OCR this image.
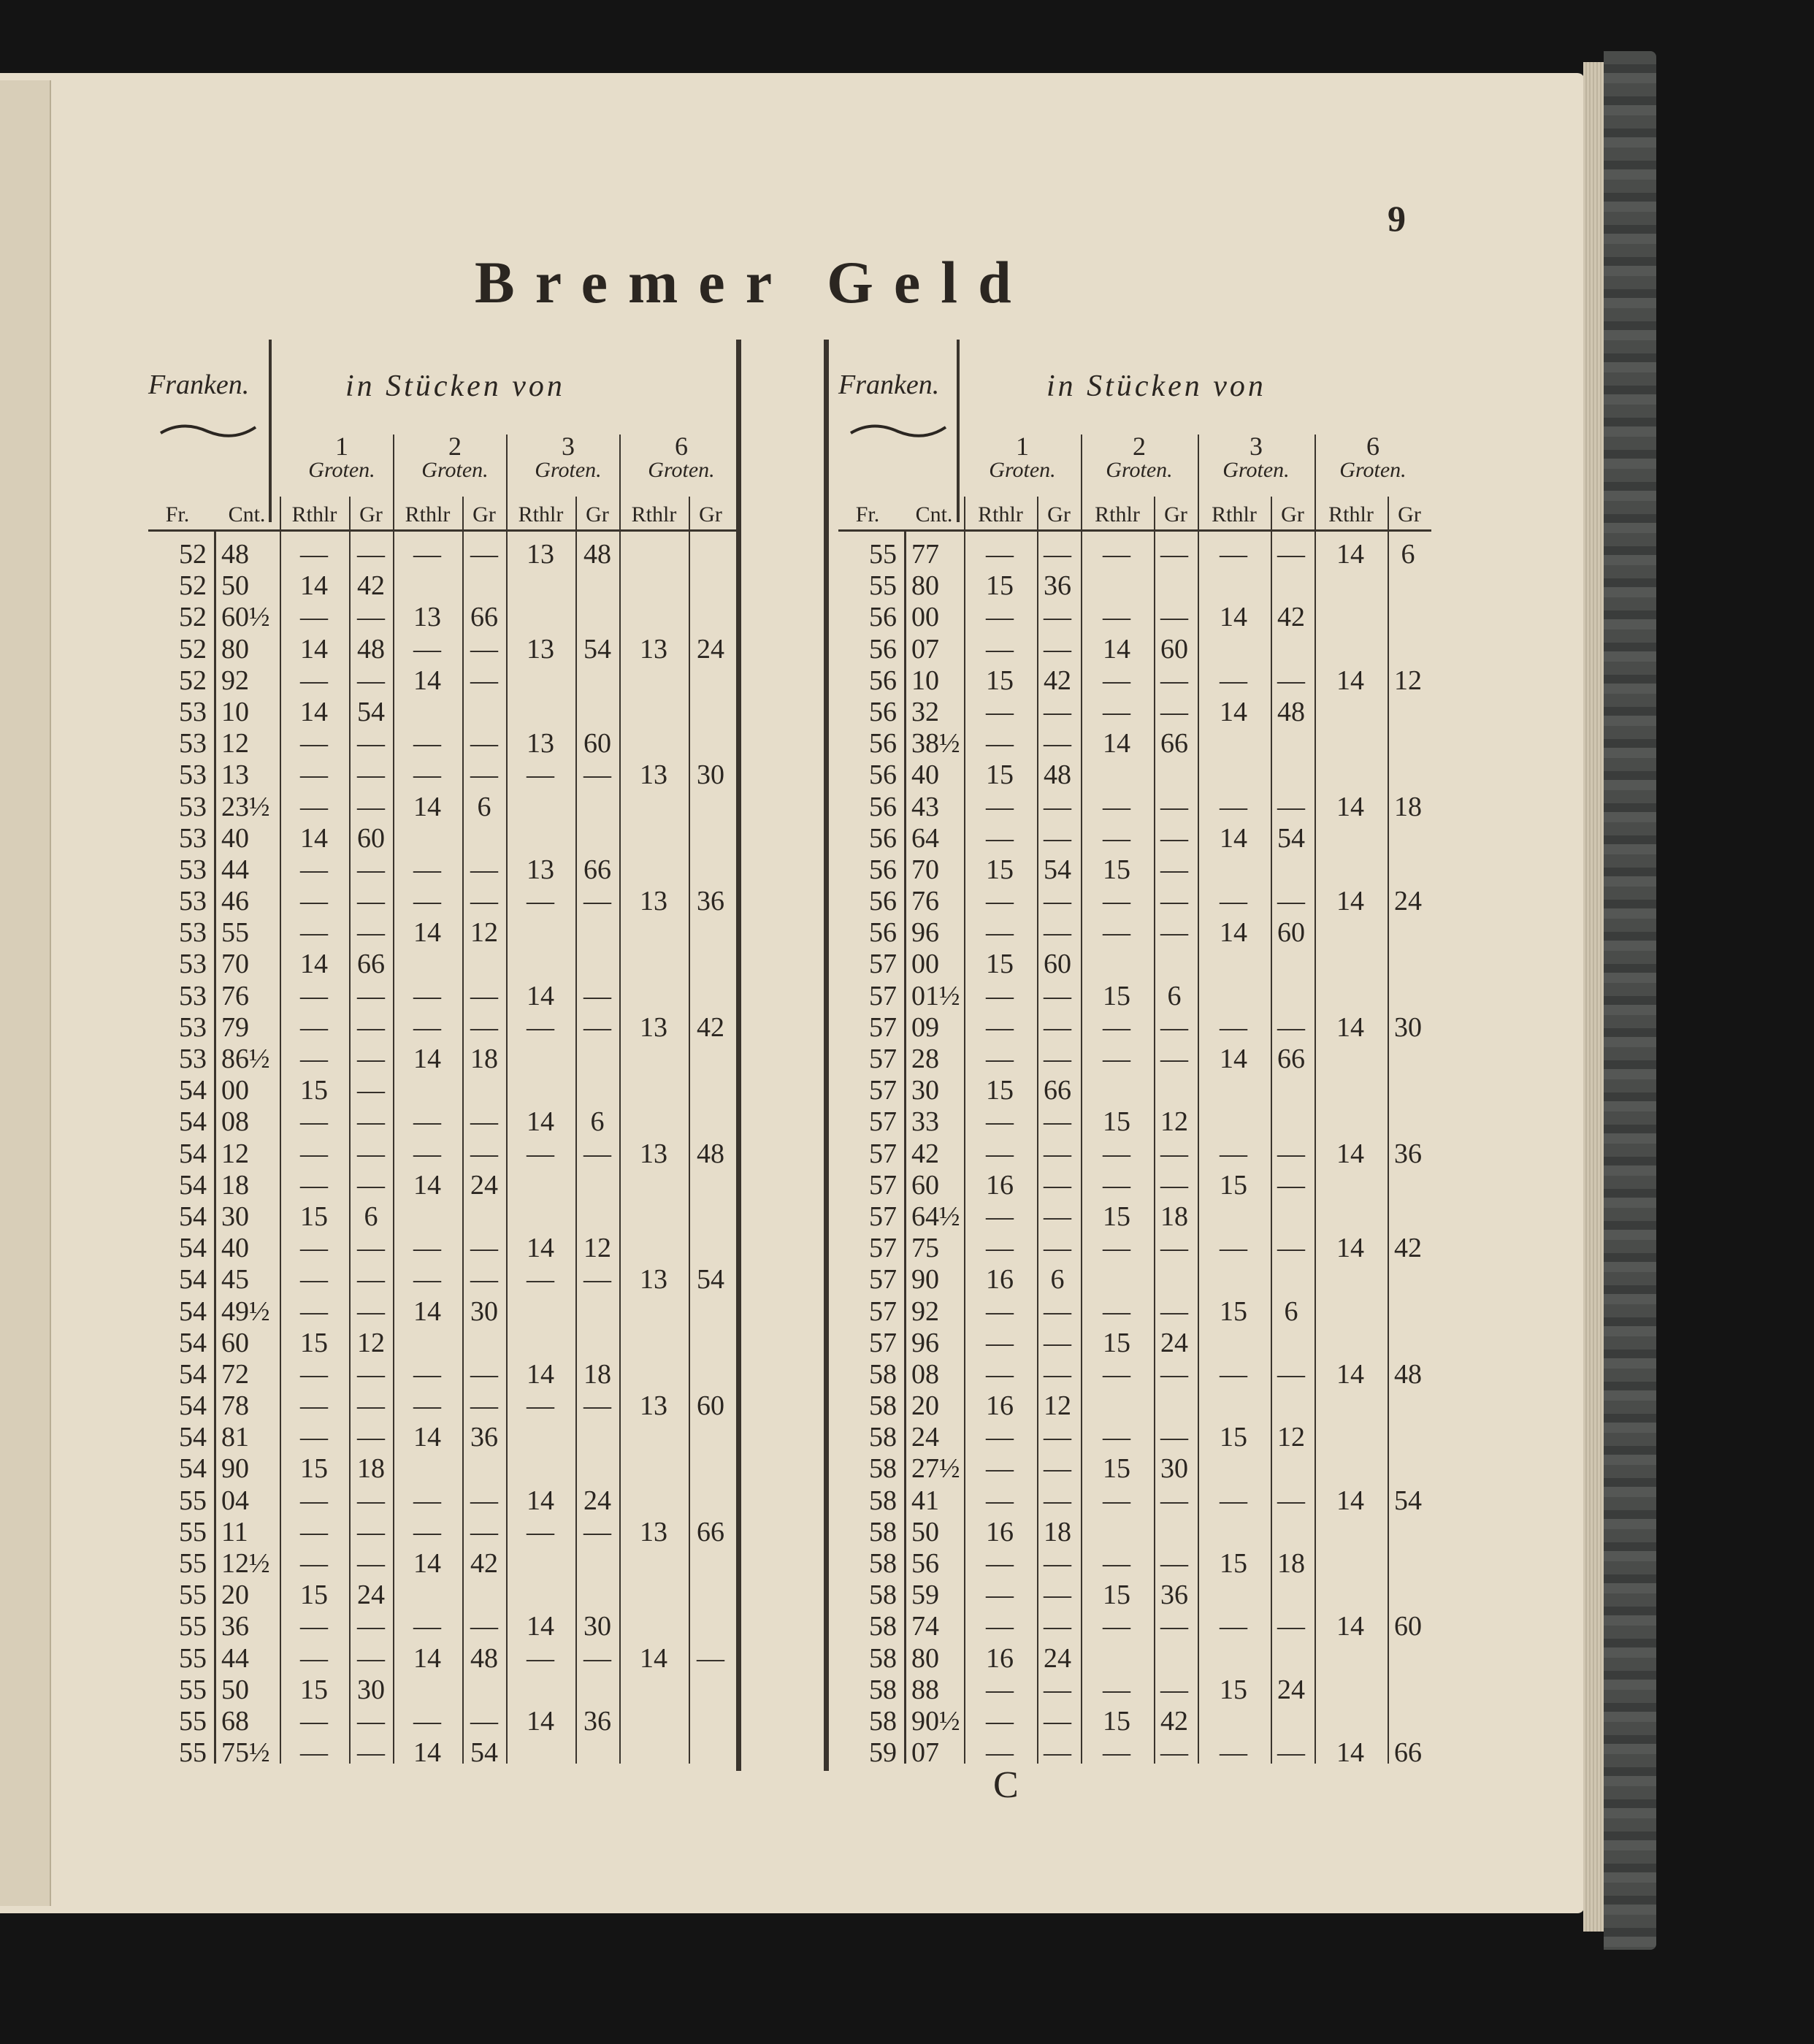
9
Bremer Geld
Franken.	in Stücken von
1	2	3	6
Groten.	Groten.	Groten.	Groten.
Fr.	Cnt.	Rthlr	Gr	Rthlr	Gr	Rthlr	Gr	Rthlr	Gr
52 48	—	—	—	—	13	48
52 50	14	42
52 60½	—	—	13	66
52 80	14	48	—	—	13	54	13	24
52 92	—	—	14	—
53 10	14	54
53 12	—	—	—	—	13	60
53 13	—	—	—	—	—	—	13	30
53 23½	—	—	14	6
53 40	14	60
53 44	—	—	—	—	13	66
53 46	—	—	—	—	—	—	13	36
53 55	—	—	14	12
53 70	14	66
53 76	—	—	—	—	14	—
53 79	—	—	—	—	—	—	13	42
53 86½	—	—	14	18
54 00	15	—
54 08	—	—	—	—	14	6
54 12	—	—	—	—	—	—	13	48
54 18	—	—	14	24
54 30	15	6
54 40	—	—	—	—	14	12
54 45	—	—	—	—	—	—	13	54
54 49½	—	—	14	30
54 60	15	12
54 72	—	—	—	—	14	18
54 78	—	—	—	—	—	—	13	60
54 81	—	—	14	36
54 90	15	18
55 04	—	—	—	—	14	24
55 11	—	—	—	—	—	—	13	66
55 12½	—	—	14	42
55 20	15	24
55 36	—	—	—	—	14	30
55 44	—	—	14	48	—	—	14	—
55 50	15	30
55 68	—	—	—	—	14	36
55 75½	—	—	14	54
Franken.	in Stücken von
1	2	3	6
Groten.	Groten.	Groten.	Groten.
Fr.	Cnt.	Rthlr	Gr	Rthlr	Gr	Rthlr	Gr	Rthlr	Gr
55 77	—	—	—	—	—	—	14	6
55 80	15	36
56 00	—	—	—	—	14	42
56 07	—	—	14	60
56 10	15	42	—	—	—	—	14	12
56 32	—	—	—	—	14	48
56 38½ —	—	14	66
56 40	15	48
56 43	—	—	—	—	—	—	14	18
56 64	—	—	—	—	14	54
56 70	15	54	15	—
56 76	—	—	—	—	—	—	14	24
56 96	—	—	—	—	14	60
57 00	15	60
57 01½ —	—	15	6
57 09	—	—	—	—	—	—	14	30
57 28	—	—	—	—	14	66
57 30	15	66
57 33	—	—	15	12
57 42	—	—	—	—	—	—	14	36
57 60	16	—	—	—	15	—
57 64½ —	—	15	18
57 75	—	—	—	—	—	—	14	42
57 90	16	6
57 92	—	—	—	—	15	6
57 96	—	—	15	24
58 08	—	—	—	—	—	—	14	48
58 20	16	12
58 24	—	—	—	—	15	12
58 27½ —	—	15	30
58 41	—	—	—	—	—	—	14	54
58 50	16	18
58 56	—	—	—	—	15	18
58 59	—	—	15	36
58 74	—	—	—	—	—	—	14	60
58 80	16	24
58 88	—	—	—	—	15	24
58 90½ —	—	15	42
59 07	—	—	—	—	—	—	14	66
C
